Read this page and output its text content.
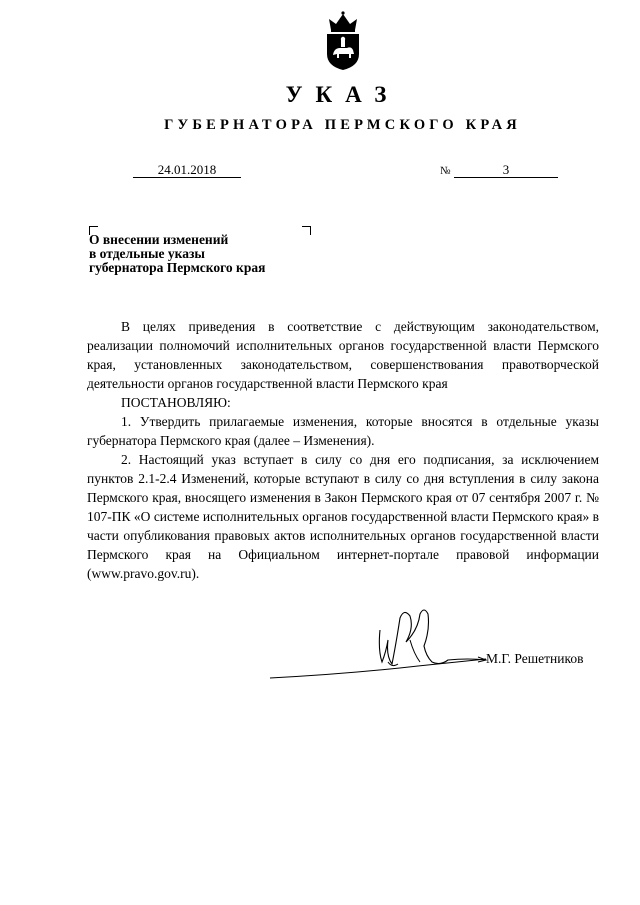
УКАЗ
ГУБЕРНАТОРА ПЕРМСКОГО КРАЯ
24.01.2018	№	3
О внесении изменений
в отдельные указы
губернатора Пермского края

В целях приведения в соответствие с действующим законодательством, реализации полномочий исполнительных органов государственной власти Пермского края, установленных законодательством, совершенствования правотворческой деятельности органов государственной власти Пермского края

ПОСТАНОВЛЯЮ:

1. Утвердить прилагаемые изменения, которые вносятся в отдельные указы губернатора Пермского края (далее – Изменения).

2. Настоящий указ вступает в силу со дня его подписания, за исключением пунктов 2.1-2.4 Изменений, которые вступают в силу со дня вступления в силу закона Пермского края, вносящего изменения в Закон Пермского края от 07 сентября 2007 г. № 107-ПК «О системе исполнительных органов государственной власти Пермского края» в части опубликования правовых актов исполнительных органов государственной власти Пермского края на Официальном интернет-портале правовой информации (www.pravo.gov.ru).

М.Г. Решетников
